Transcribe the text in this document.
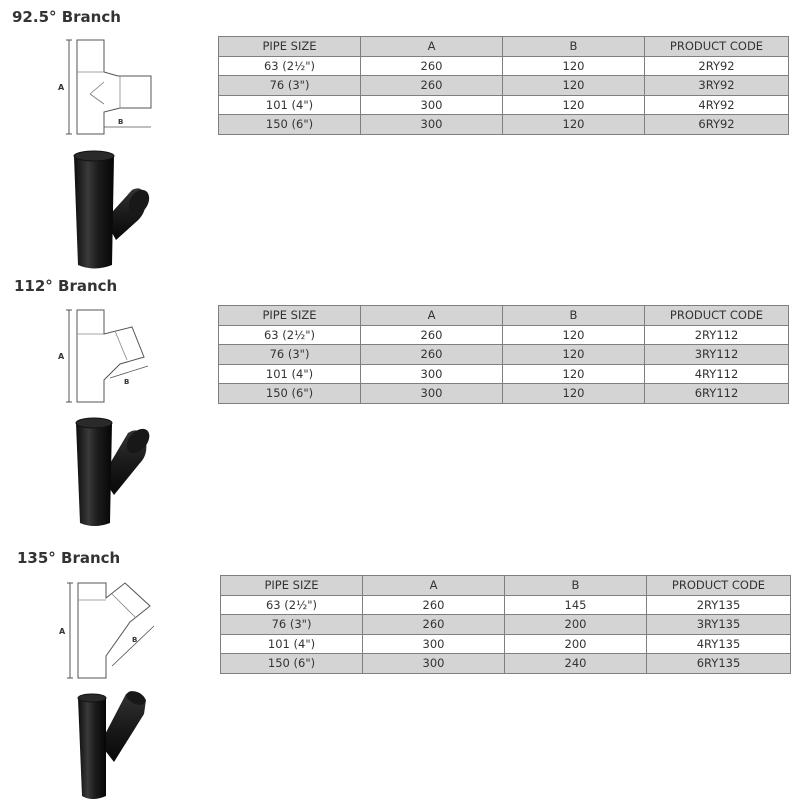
92.5° Branch
A
B
PIPE SIZE	A	B	PRODUCT CODE
63 (2½")	260	120	2RY92
76 (3")	260	120	3RY92
101 (4")	300	120	4RY92
150 (6")	300	120	6RY92
112° Branch
A
B
PIPE SIZE	A	B	PRODUCT CODE
63 (2½")	260	120	2RY112
76 (3")	260	120	3RY112
101 (4")	300	120	4RY112
150 (6")	300	120	6RY112
135° Branch
A
B
PIPE SIZE	A	B	PRODUCT CODE
63 (2½")	260	145	2RY135
76 (3")	260	200	3RY135
101 (4")	300	200	4RY135
150 (6")	300	240	6RY135
